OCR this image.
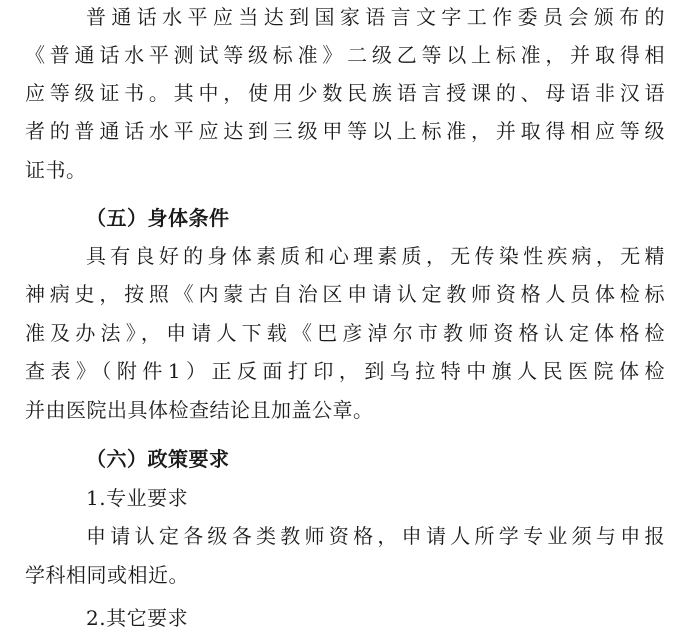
普通话水平应当达到国家语言文字工作委员会颁布的
《普通话水平测试等级标准》二级乙等以上标准，并取得相
应等级证书。其中，使用少数民族语言授课的、母语非汉语
者的普通话水平应达到三级甲等以上标准，并取得相应等级
证书。
（五）身体条件
具有良好的身体素质和心理素质，无传染性疾病，无精
神病史，按照《内蒙古自治区申请认定教师资格人员体检标
准及办法》，申请人下载《巴彦淖尔市教师资格认定体格检
查表》（附件1）正反面打印，到乌拉特中旗人民医院体检
并由医院出具体检查结论且加盖公章。
（六）政策要求
1.专业要求
申请认定各级各类教师资格，申请人所学专业须与申报
学科相同或相近。
2.其它要求
